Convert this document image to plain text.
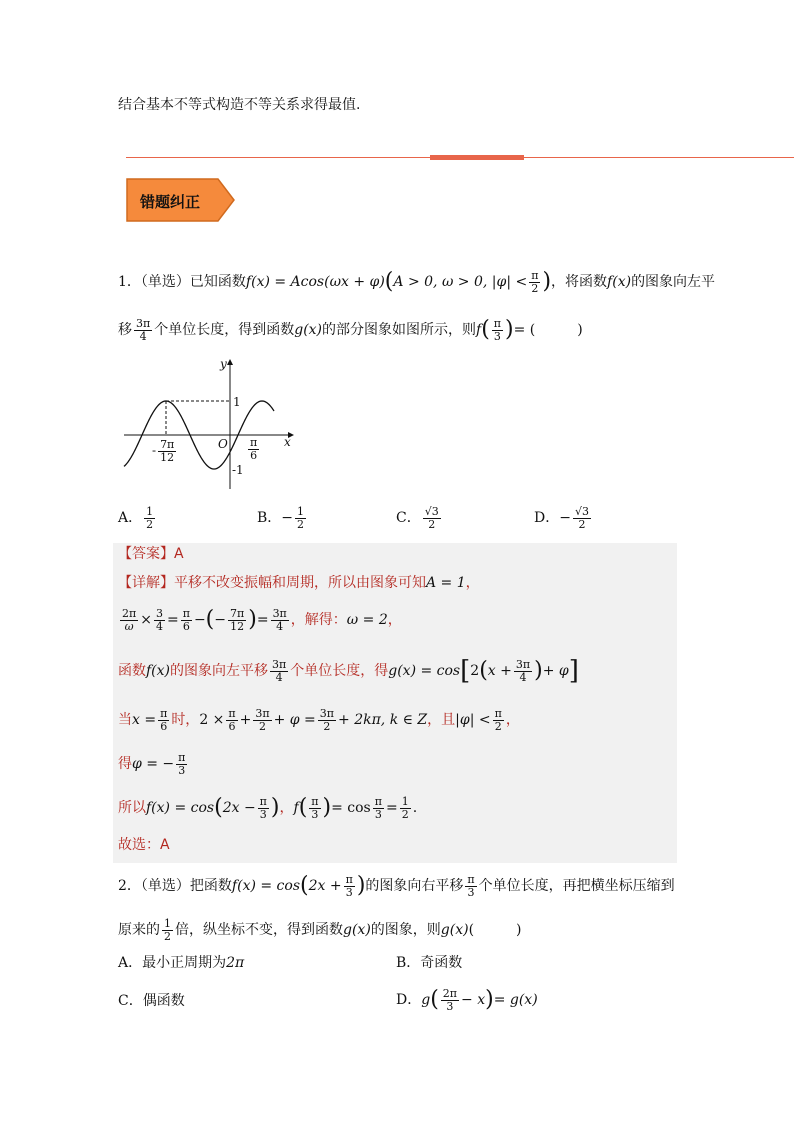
结合基本不等式构造不等关系求得最值.
错题纠正
1．（单选）已知函数f(x) = Acos(ωx + φ)(A > 0, ω > 0, $|\varphi| < \frac{\pi}{2}$ )，将函数f(x)的图象向左平
移 $\frac{3\pi}{4}$ 个单位长度，得到函数g(x)的部分图象如图所示，则$f( \frac{\pi}{3}$ )= (　　　)
y
x
O
1
-1
- $\frac{7\pi}{12}$	$\frac{\pi}{6}$
A． $\frac{1}{2}$	B．− $\frac{1}{2}$	C． $\frac{√3}{2}$	D．− $\frac{√3}{2}$
【答案】A
【详解】平移不改变振幅和周期，所以由图象可知A = 1，
$\frac{2\pi}{\omega} \times \frac{3}{4} = \frac{\pi}{6}$ −(− $\frac{7\pi}{12}$ )= $\frac{3\pi}{4}$ ，解得：ω = 2，
函数f(x)的图象向左平移 $\frac{3\pi}{4}$ 个单位长度，得$g(x) = \cos[2(x + \frac{3\pi}{4}$ )+ φ]
当$x = \frac{\pi}{6}$ 时，$2 \times \frac{\pi}{6} + \frac{3\pi}{2} + \varphi = \frac{3\pi}{2} + 2k\pi$, k ∈ Z，且$|\varphi| < \frac{\pi}{2}$ ，
得φ = − $\frac{\pi}{3}$
所以$f(x) = \cos(2x - \frac{\pi}{3}$ )，$f( \frac{\pi}{3}$ )= $\cos \frac{\pi}{3} = \frac{1}{2}$ .
故选：A
2．（单选）把函数$f(x) = \cos(2x + \frac{\pi}{3}$ )的图象向右平移 $\frac{\pi}{3}$ 个单位长度，再把横坐标压缩到
原来的 $\frac{1}{2}$ 倍，纵坐标不变，得到函数g(x)的图象，则g(x)(　　　)
A．最小正周期为2π	B．奇函数
C．偶函数	D．$g( \frac{2\pi}{3} - x)= g(x)$
